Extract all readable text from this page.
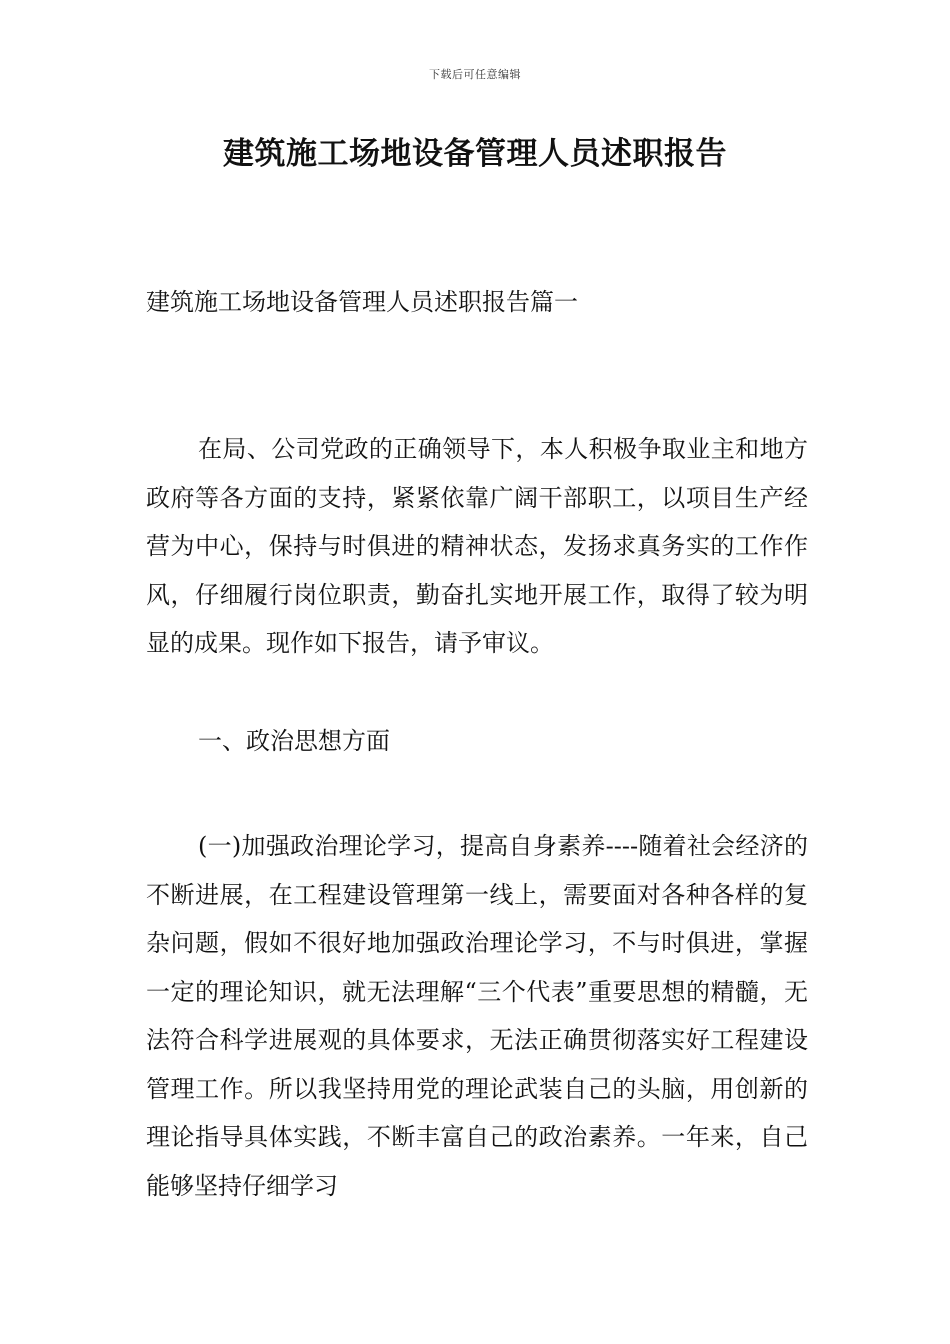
下载后可任意编辑
建筑施工场地设备管理人员述职报告

建筑施工场地设备管理人员述职报告篇一

在局、公司党政的正确领导下，本人积极争取业主和地方政府等各方面的支持，紧紧依靠广阔干部职工，以项目生产经营为中心，保持与时俱进的精神状态，发扬求真务实的工作作风，仔细履行岗位职责，勤奋扎实地开展工作，取得了较为明显的成果。现作如下报告，请予审议。

一、政治思想方面

(一)加强政治理论学习，提高自身素养----随着社会经济的不断进展，在工程建设管理第一线上，需要面对各种各样的复杂问题，假如不很好地加强政治理论学习，不与时俱进，掌握一定的理论知识，就无法理解“三个代表”重要思想的精髓，无法符合科学进展观的具体要求，无法正确贯彻落实好工程建设管理工作。所以我坚持用党的理论武装自己的头脑，用创新的理论指导具体实践，不断丰富自己的政治素养。一年来，自己能够坚持仔细学习
